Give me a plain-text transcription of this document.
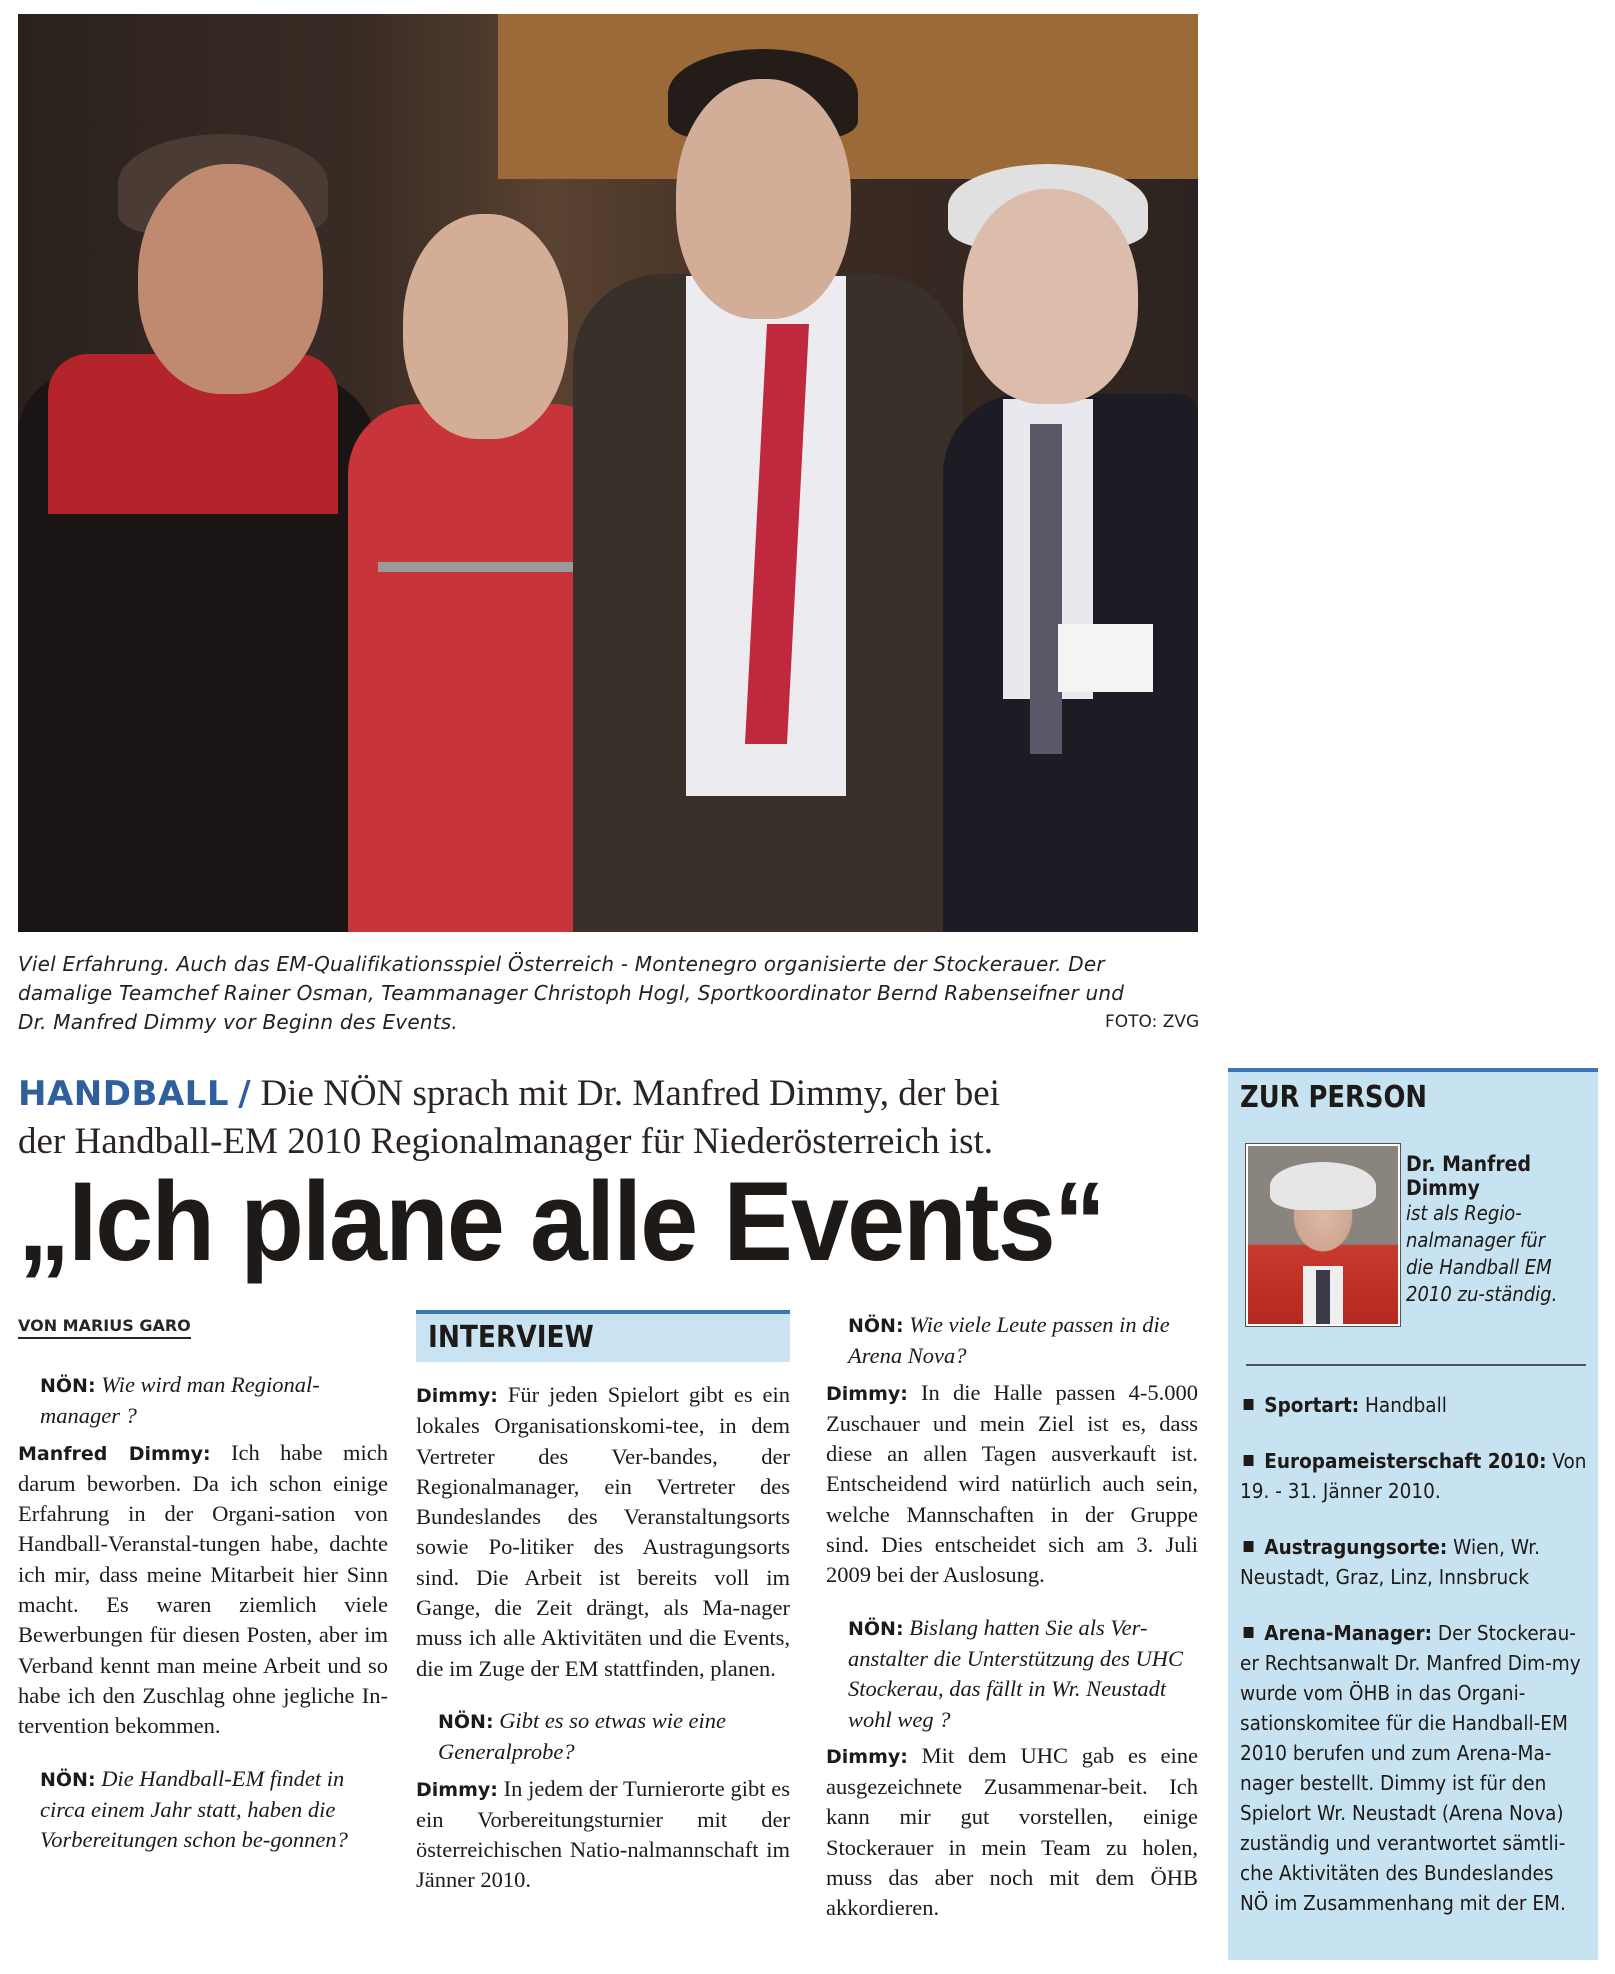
Viel Erfahrung. Auch das EM-Qualifikationsspiel Österreich - Montenegro organisierte der Stockerauer. Der
damalige Teamchef Rainer Osman, Teammanager Christoph Hogl, Sportkoordinator Bernd Rabenseifner und
Dr. Manfred Dimmy vor Beginn des Events.	FOTO: ZVG
HANDBALL / Die NÖN sprach mit Dr. Manfred Dimmy, der bei
der Handball-EM 2010 Regionalmanager für Niederösterreich ist.
„Ich plane alle Events“
VON MARIUS GARO	INTERVIEW

NÖN: Wie wird man Regional-manager ?

Manfred Dimmy: Ich habe mich darum beworben. Da ich schon einige Erfahrung in der Organi-sation von Handball-Veranstal-tungen habe, dachte ich mir, dass meine Mitarbeit hier Sinn macht. Es waren ziemlich viele Bewerbungen für diesen Posten, aber im Verband kennt man meine Arbeit und so habe ich den Zuschlag ohne jegliche In-tervention bekommen.

NÖN: Die Handball-EM findet in circa einem Jahr statt, haben die Vorbereitungen schon be-gonnen?

Dimmy: Für jeden Spielort gibt es ein lokales Organisationskomi-tee, in dem Vertreter des Ver-bandes, der Regionalmanager, ein Vertreter des Bundeslandes des Veranstaltungsorts sowie Po-litiker des Austragungsorts sind. Die Arbeit ist bereits voll im Gange, die Zeit drängt, als Ma-nager muss ich alle Aktivitäten und die Events, die im Zuge der EM stattfinden, planen.

NÖN: Gibt es so etwas wie eine Generalprobe?

Dimmy: In jedem der Turnierorte gibt es ein Vorbereitungsturnier mit der österreichischen Natio-nalmannschaft im Jänner 2010.

NÖN: Wie viele Leute passen in die Arena Nova?

Dimmy: In die Halle passen 4-5.000 Zuschauer und mein Ziel ist es, dass diese an allen Tagen ausverkauft ist. Entscheidend wird natürlich auch sein, welche Mannschaften in der Gruppe sind. Dies entscheidet sich am 3. Juli 2009 bei der Auslosung.

NÖN: Bislang hatten Sie als Ver-anstalter die Unterstützung des UHC Stockerau, das fällt in Wr. Neustadt wohl weg ?

Dimmy: Mit dem UHC gab es eine ausgezeichnete Zusammenar-beit. Ich kann mir gut vorstellen, einige Stockerauer in mein Team zu holen, muss das aber noch mit dem ÖHB akkordieren.

ZUR PERSON
Dr. Manfred Dimmy
ist als Regio-nalmanager für die Handball EM 2010 zu-ständig.
Sportart: Handball
Europameisterschaft 2010: Von 19. - 31. Jänner 2010.
Austragungsorte: Wien, Wr. Neustadt, Graz, Linz, Innsbruck
Arena-Manager: Der Stockerau-er Rechtsanwalt Dr. Manfred Dim-my wurde vom ÖHB in das Organi-sationskomitee für die Handball-EM 2010 berufen und zum Arena-Ma-nager bestellt. Dimmy ist für den Spielort Wr. Neustadt (Arena Nova) zuständig und verantwortet sämtli-che Aktivitäten des Bundeslandes NÖ im Zusammenhang mit der EM.
